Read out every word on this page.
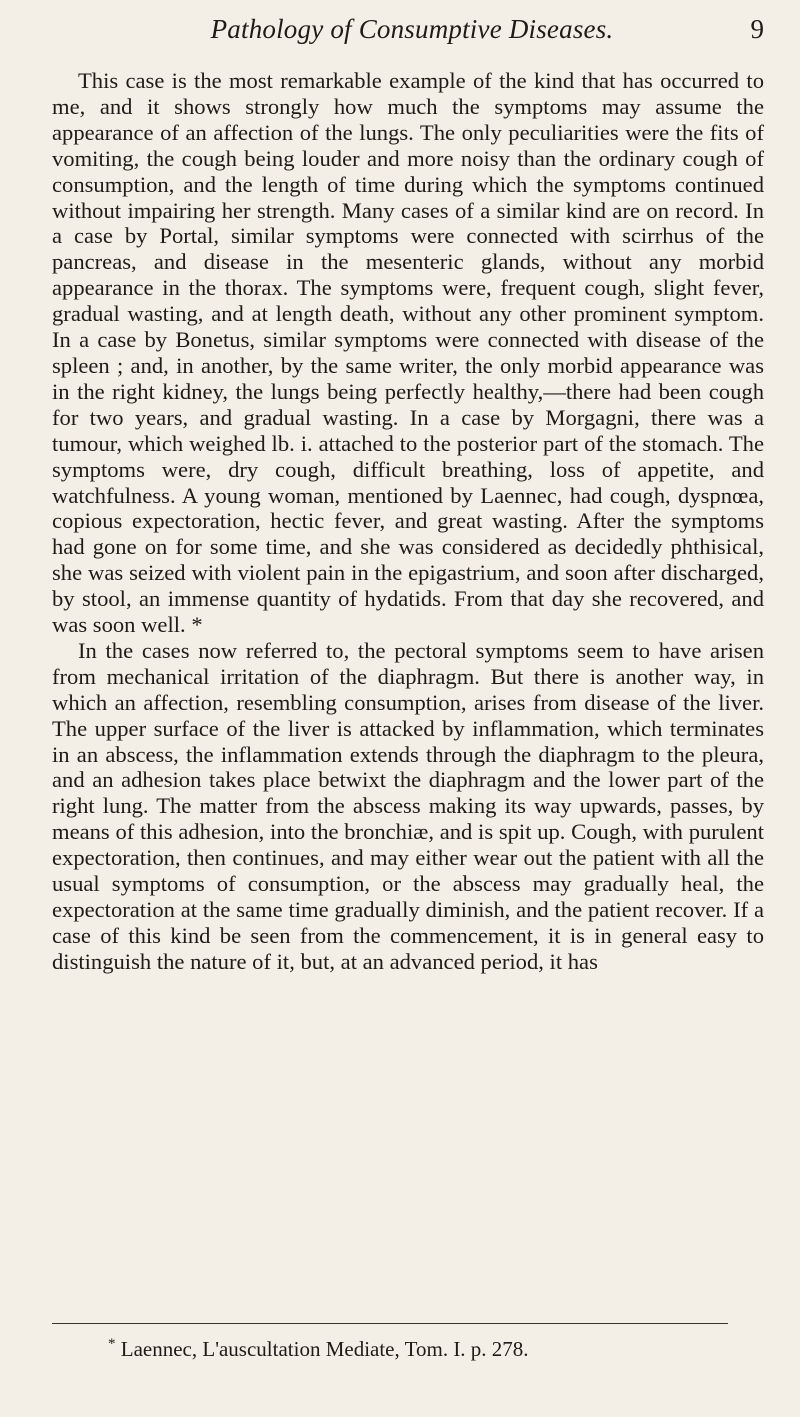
Pathology of Consumptive Diseases.	9

This case is the most remarkable example of the kind that has occurred to me, and it shows strongly how much the symptoms may assume the appearance of an affection of the lungs. The only peculiarities were the fits of vomiting, the cough being louder and more noisy than the ordinary cough of consumption, and the length of time during which the symptoms continued without impairing her strength. Many cases of a similar kind are on record. In a case by Portal, similar symptoms were connected with scirrhus of the pancreas, and disease in the mesenteric glands, without any morbid appearance in the thorax. The symptoms were, frequent cough, slight fever, gradual wasting, and at length death, without any other prominent symptom. In a case by Bonetus, similar symptoms were connected with disease of the spleen ; and, in another, by the same writer, the only morbid appearance was in the right kidney, the lungs being perfectly healthy,—there had been cough for two years, and gradual wasting. In a case by Morgagni, there was a tumour, which weighed lb. i. attached to the posterior part of the stomach. The symptoms were, dry cough, difficult breathing, loss of appetite, and watchfulness. A young woman, mentioned by Laennec, had cough, dyspnœa, copious expectoration, hectic fever, and great wasting. After the symptoms had gone on for some time, and she was considered as decidedly phthisical, she was seized with violent pain in the epigastrium, and soon after discharged, by stool, an immense quantity of hydatids. From that day she recovered, and was soon well. *

In the cases now referred to, the pectoral symptoms seem to have arisen from mechanical irritation of the diaphragm. But there is another way, in which an affection, resembling consumption, arises from disease of the liver. The upper surface of the liver is attacked by inflammation, which terminates in an abscess, the inflammation extends through the diaphragm to the pleura, and an adhesion takes place betwixt the diaphragm and the lower part of the right lung. The matter from the abscess making its way upwards, passes, by means of this adhesion, into the bronchiæ, and is spit up. Cough, with purulent expectoration, then continues, and may either wear out the patient with all the usual symptoms of consumption, or the abscess may gradually heal, the expectoration at the same time gradually diminish, and the patient recover. If a case of this kind be seen from the commencement, it is in general easy to distinguish the nature of it, but, at an advanced period, it has

* Laennec, L'auscultation Mediate, Tom. I. p. 278.
